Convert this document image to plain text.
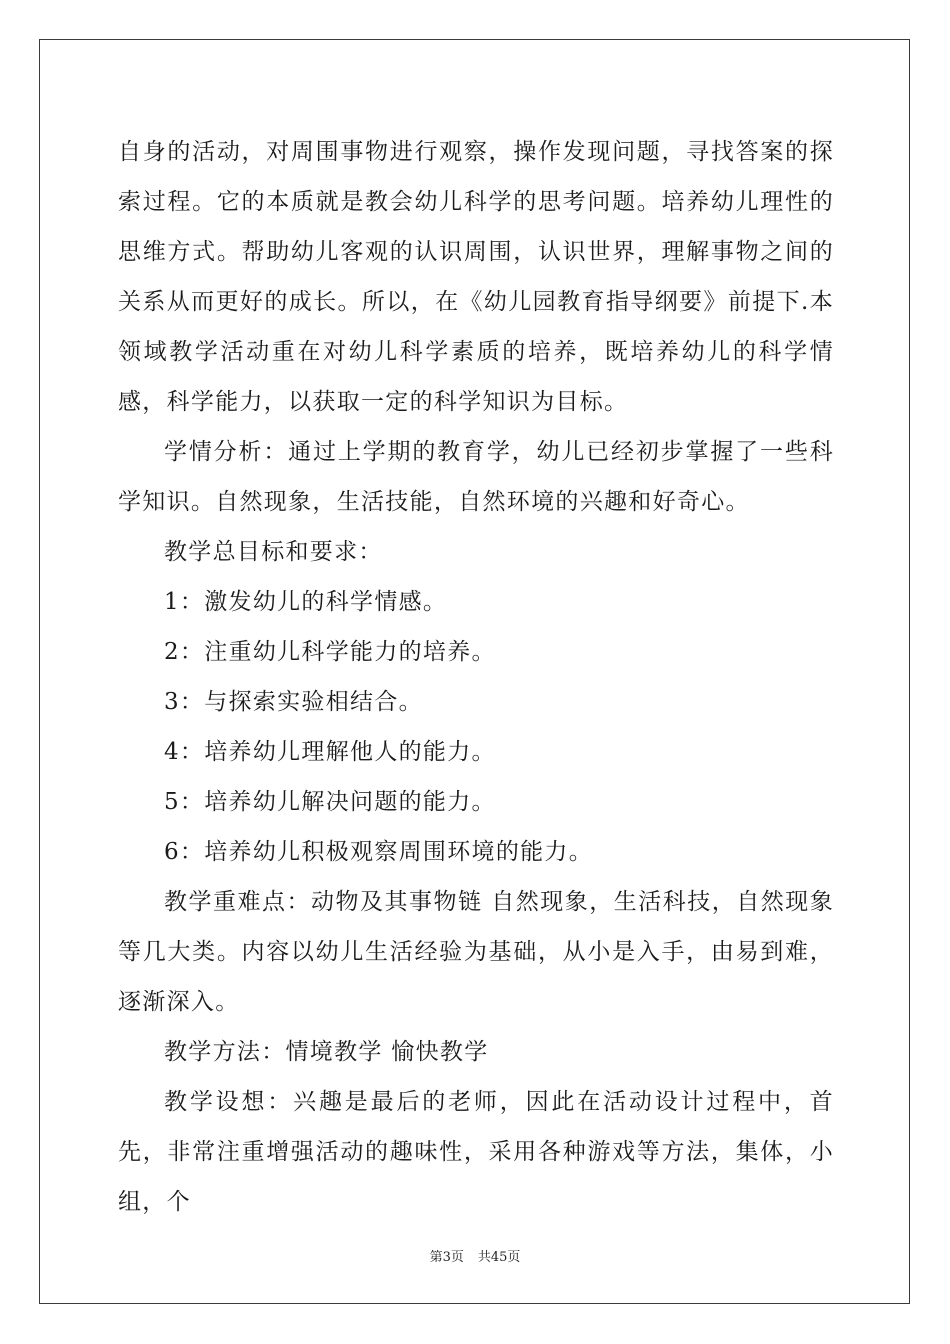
自身的活动，对周围事物进行观察，操作发现问题，寻找答案的探索过程。它的本质就是教会幼儿科学的思考问题。培养幼儿理性的思维方式。帮助幼儿客观的认识周围，认识世界，理解事物之间的关系从而更好的成长。所以，在《幼儿园教育指导纲要》前提下.本领域教学活动重在对幼儿科学素质的培养，既培养幼儿的科学情感，科学能力，以获取一定的科学知识为目标。

学情分析：通过上学期的教育学，幼儿已经初步掌握了一些科学知识。自然现象，生活技能，自然环境的兴趣和好奇心。

教学总目标和要求：

1：激发幼儿的科学情感。

2：注重幼儿科学能力的培养。

3：与探索实验相结合。

4：培养幼儿理解他人的能力。

5：培养幼儿解决问题的能力。

6：培养幼儿积极观察周围环境的能力。

教学重难点：动物及其事物链 自然现象，生活科技，自然现象等几大类。内容以幼儿生活经验为基础，从小是入手，由易到难，逐渐深入。

教学方法：情境教学 愉快教学

教学设想：兴趣是最后的老师，因此在活动设计过程中，首先，非常注重增强活动的趣味性，采用各种游戏等方法，集体，小组，个

第3页 共45页
